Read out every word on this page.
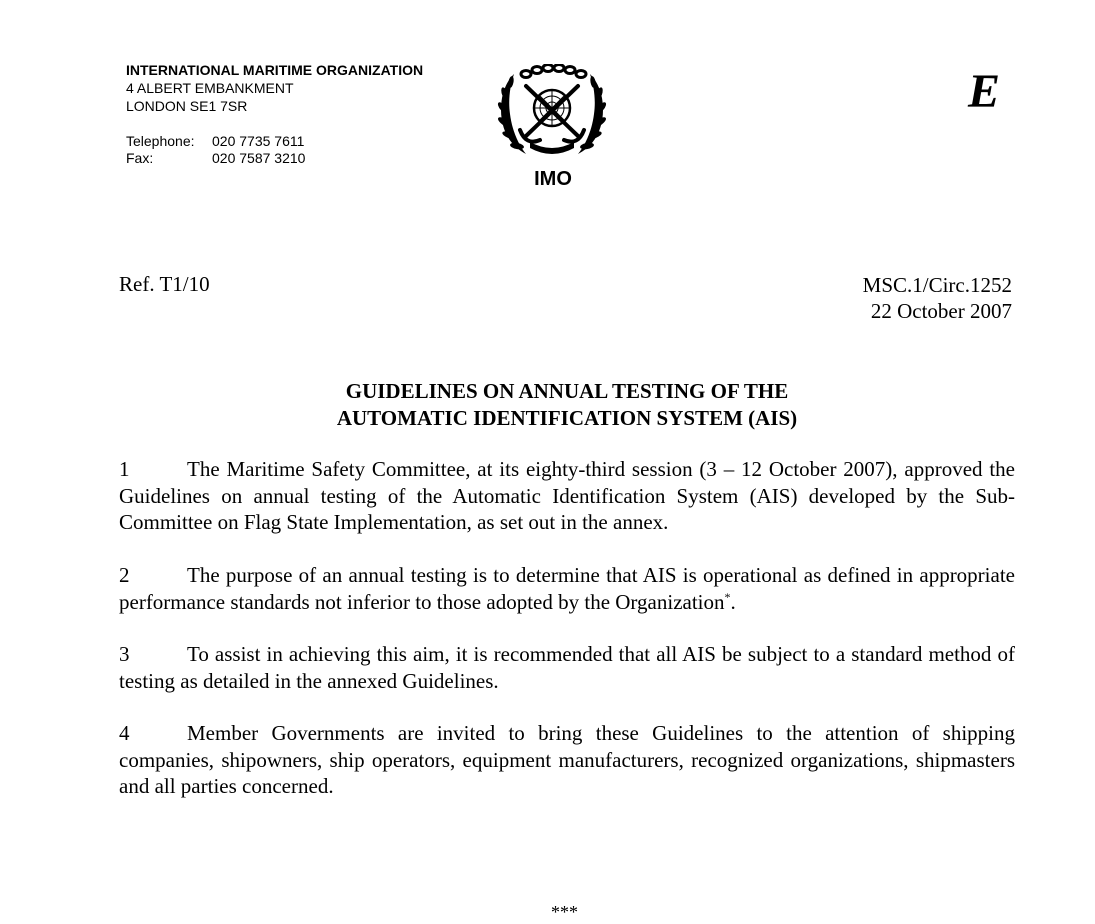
INTERNATIONAL MARITIME ORGANIZATION
4 ALBERT EMBANKMENT
LONDON SE1 7SR
Telephone:	020 7735 7611
Fax:	020 7587 3210
IMO
E
Ref. T1/10	MSC.1/Circ.1252
22 October 2007
GUIDELINES ON ANNUAL TESTING OF THE
AUTOMATIC IDENTIFICATION SYSTEM (AIS)
1	The Maritime Safety Committee, at its eighty-third session (3 – 12 October 2007), approved the Guidelines on annual testing of the Automatic Identification System (AIS) developed by the Sub-Committee on Flag State Implementation, as set out in the annex.
2	The purpose of an annual testing is to determine that AIS is operational as defined in appropriate performance standards not inferior to those adopted by the Organization*.
3	To assist in achieving this aim, it is recommended that all AIS be subject to a standard method of testing as detailed in the annexed Guidelines.
4	Member Governments are invited to bring these Guidelines to the attention of shipping companies, shipowners, ship operators, equipment manufacturers, recognized organizations, shipmasters and all parties concerned.
***
